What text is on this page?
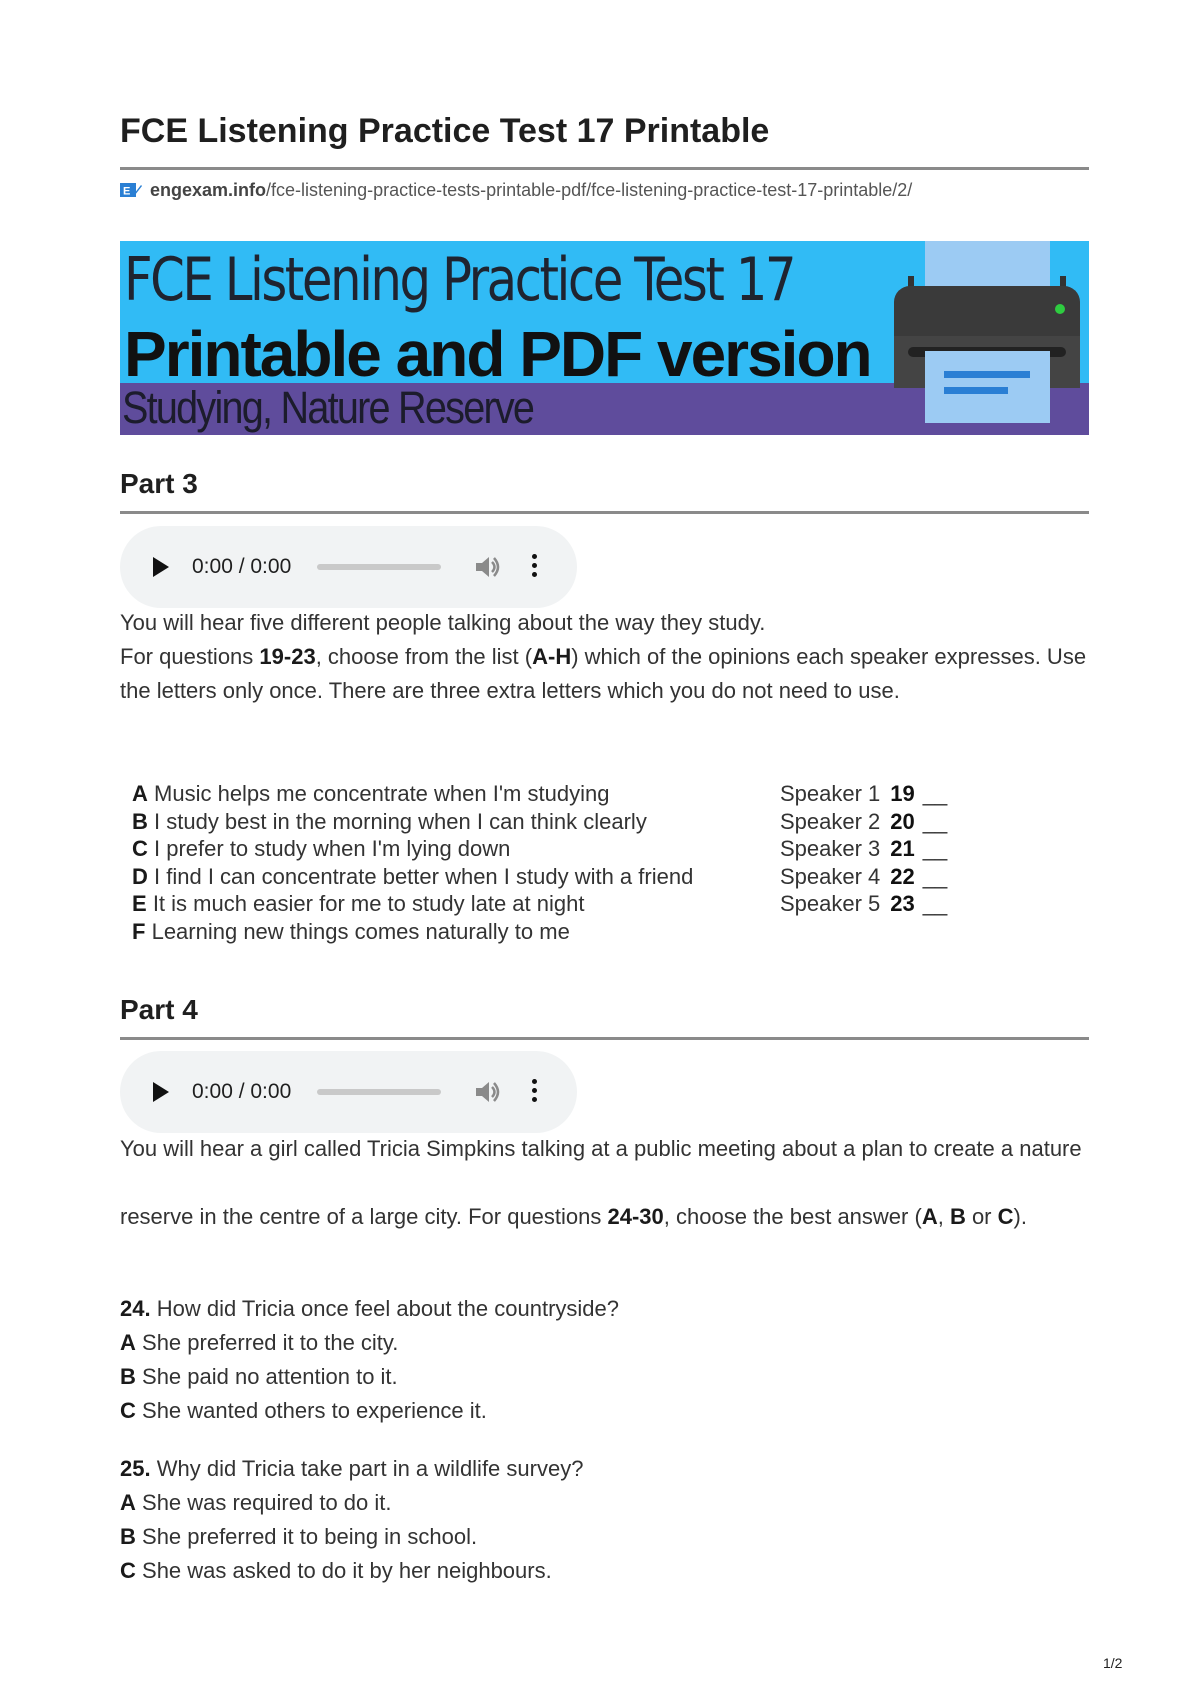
FCE Listening Practice Test 17 Printable
E engexam.info/fce-listening-practice-tests-printable-pdf/fce-listening-practice-test-17-printable/2/
FCE Listening Practice Test 17
Printable and PDF version
Studying, Nature Reserve
Part 3
0:00 / 0:00

You will hear five different people talking about the way they study.

For questions 19-23, choose from the list (A-H) which of the opinions each speaker expresses. Use the letters only once. There are three extra letters which you do not need to use.

A Music helps me concentrate when I'm studying
B I study best in the morning when I can think clearly
C I prefer to study when I'm lying down
D I find I can concentrate better when I study with a friend
E It is much easier for me to study late at night
F Learning new things comes naturally to me
Speaker 1 19 __
Speaker 2 20 __
Speaker 3 21 __
Speaker 4 22 __
Speaker 5 23 __
Part 4
0:00 / 0:00

You will hear a girl called Tricia Simpkins talking at a public meeting about a plan to create a nature

reserve in the centre of a large city. For questions 24-30, choose the best answer (A, B or C).

24. How did Tricia once feel about the countryside?
A She preferred it to the city.
B She paid no attention to it.
C She wanted others to experience it.
25. Why did Tricia take part in a wildlife survey?
A She was required to do it.
B She preferred it to being in school.
C She was asked to do it by her neighbours.
1/2
